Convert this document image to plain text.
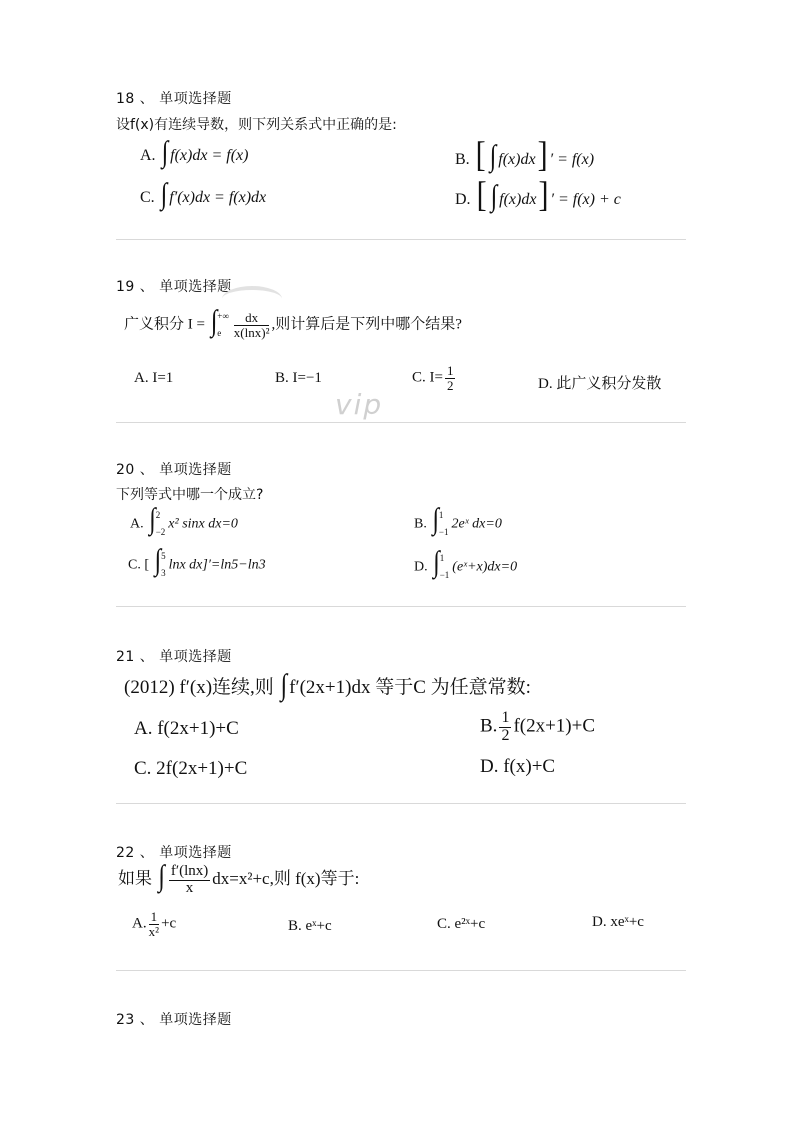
18 、 单项选择题
设f(x)有连续导数，则下列关系式中正确的是:
A. ∫ f(x)dx = f(x)	B. [ ∫ f(x)dx] ′ = f(x)
C. ∫ f′(x)dx = f(x)dx	D. [ ∫ f(x)dx] ′ = f(x) + c
19 、 单项选择题
广义积分 I = ∫+∞
e $\frac{dx}{\text{x(lnx)²}}$ ,则计算后是下列中哪个结果?
A. I=1	B. I=−1	C. $I= \frac{1}{2}$	D. 此广义积分发散
vip
20 、 单项选择题
下列等式中哪一个成立?
A. ∫2
−2x² sinx dx=0	B. ∫1
−12eˣ dx=0
C. [ ∫5
3lnx dx]′=ln5−ln3	D. ∫1
−1(eˣ+x)dx=0
21 、 单项选择题
(2012) f′(x)连续,则 ∫ f′(2x+1)dx 等于C 为任意常数:
A. f(2x+1)+C	B. $\frac{1}{2} f(2x+1)+C$
C. 2f(2x+1)+C	D. f(x)+C
22 、 单项选择题
如果 ∫ $\frac{f'(\ln x)}{x} dx=x^2+c$,则 f(x)等于:
A. $\frac{1}{\text{x²}} +c$	B. eˣ+c	C. e²ˣ+c	D. xeˣ+c
23 、 单项选择题
